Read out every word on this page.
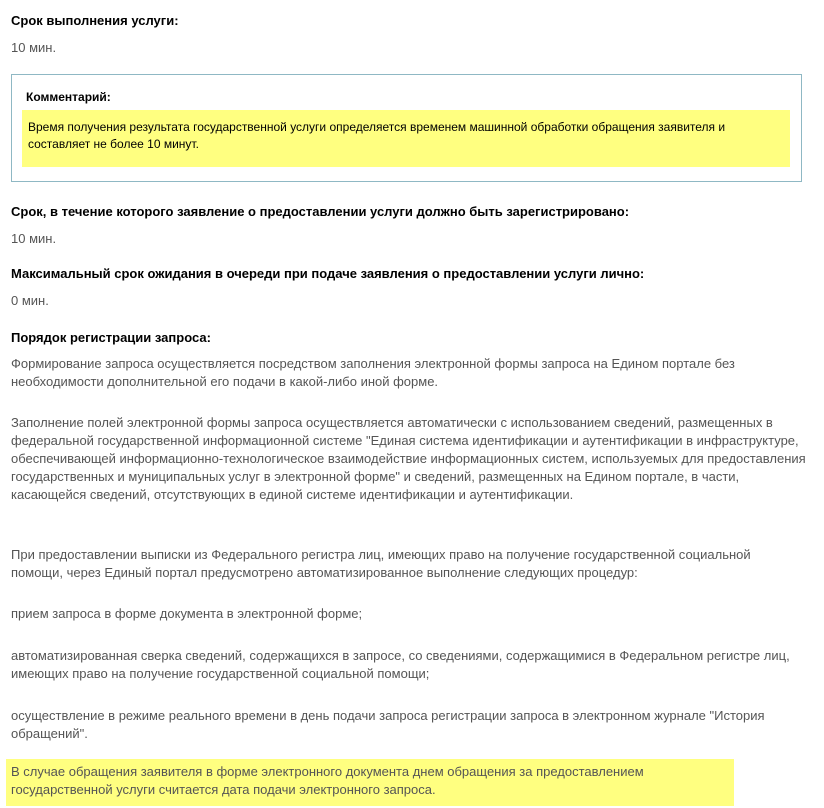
Срок выполнения услуги:
10 мин.
Комментарий:
Время получения результата государственной услуги определяется временем машинной обработки обращения заявителя и составляет не более 10 минут.
Срок, в течение которого заявление о предоставлении услуги должно быть зарегистрировано:
10 мин.
Максимальный срок ожидания в очереди при подаче заявления о предоставлении услуги лично:
0 мин.
Порядок регистрации запроса:
Формирование запроса осуществляется посредством заполнения электронной формы запроса на Едином портале без необходимости дополнительной его подачи в какой-либо иной форме.
Заполнение полей электронной формы запроса осуществляется автоматически с использованием сведений, размещенных в федеральной государственной информационной системе "Единая система идентификации и аутентификации в инфраструктуре, обеспечивающей информационно-технологическое взаимодействие информационных систем, используемых для предоставления государственных и муниципальных услуг в электронной форме" и сведений, размещенных на Едином портале, в части, касающейся сведений, отсутствующих в единой системе идентификации и аутентификации.
При предоставлении выписки из Федерального регистра лиц, имеющих право на получение государственной социальной помощи, через Единый портал предусмотрено автоматизированное выполнение следующих процедур:
прием запроса в форме документа в электронной форме;
автоматизированная сверка сведений, содержащихся в запросе, со сведениями, содержащимися в Федеральном регистре лиц, имеющих право на получение государственной социальной помощи;
осуществление в режиме реального времени в день подачи запроса регистрации запроса в электронном журнале "История обращений".
В случае обращения заявителя в форме электронного документа днем обращения за предоставлением государственной услуги считается дата подачи электронного запроса.
